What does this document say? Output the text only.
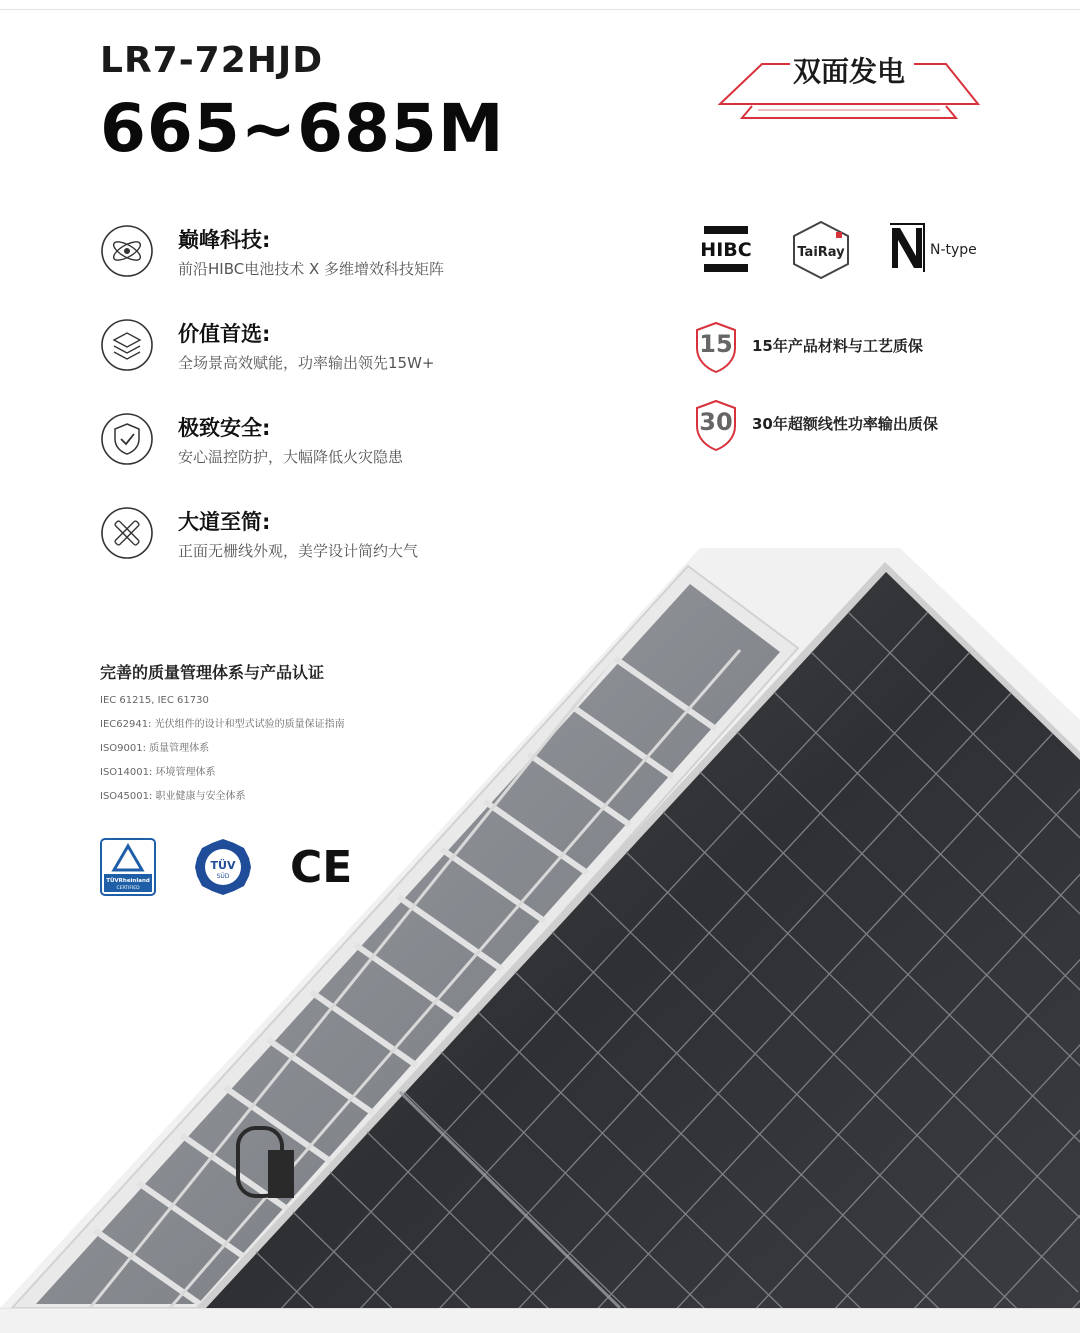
LR7-72HJD
665~685M
双面发电
巅峰科技:
前沿HIBC电池技术 X 多维增效科技矩阵
价值首选:
全场景高效赋能，功率输出领先15W+
极致安全:
安心温控防护，大幅降低火灾隐患
大道至简:
正面无栅线外观，美学设计简约大气
HIBC	TaiRay	N-type
15	15年产品材料与工艺质保
30	30年超额线性功率输出质保
完善的质量管理体系与产品认证
IEC 61215, IEC 61730
IEC62941: 光伏组件的设计和型式试验的质量保证指南
ISO9001: 质量管理体系
ISO14001: 环境管理体系
ISO45001: 职业健康与安全体系
TÜVRheinland
CERTIFIED
TÜV
SÜD CE
